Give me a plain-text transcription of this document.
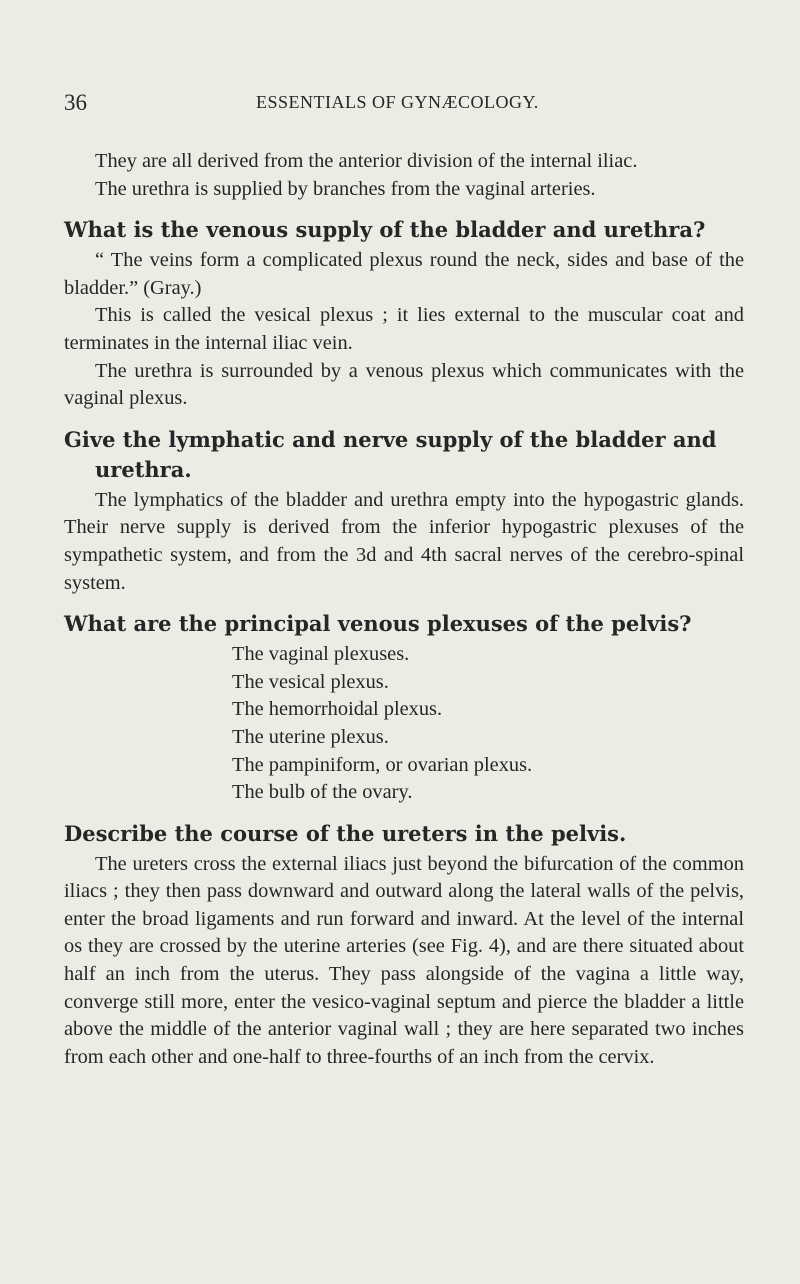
36	ESSENTIALS OF GYNÆCOLOGY.

They are all derived from the anterior division of the internal iliac.

The urethra is supplied by branches from the vaginal arteries.

What is the venous supply of the bladder and urethra?

“ The veins form a complicated plexus round the neck, sides and base of the bladder.” (Gray.)

This is called the vesical plexus ; it lies external to the muscular coat and terminates in the internal iliac vein.

The urethra is surrounded by a venous plexus which communicates with the vaginal plexus.

Give the lymphatic and nerve supply of the bladder and urethra.

The lymphatics of the bladder and urethra empty into the hypogastric glands. Their nerve supply is derived from the inferior hypogastric plexuses of the sympathetic system, and from the 3d and 4th sacral nerves of the cerebro-spinal system.

What are the principal venous plexuses of the pelvis?
The vaginal plexuses.
The vesical plexus.
The hemorrhoidal plexus.
The uterine plexus.
The pampiniform, or ovarian plexus.
The bulb of the ovary.
Describe the course of the ureters in the pelvis.

The ureters cross the external iliacs just beyond the bifurcation of the common iliacs ; they then pass downward and outward along the lateral walls of the pelvis, enter the broad ligaments and run forward and inward. At the level of the internal os they are crossed by the uterine arteries (see Fig. 4), and are there situated about half an inch from the uterus. They pass alongside of the vagina a little way, converge still more, enter the vesico-vaginal septum and pierce the bladder a little above the middle of the anterior vaginal wall ; they are here separated two inches from each other and one-half to three-fourths of an inch from the cervix.
